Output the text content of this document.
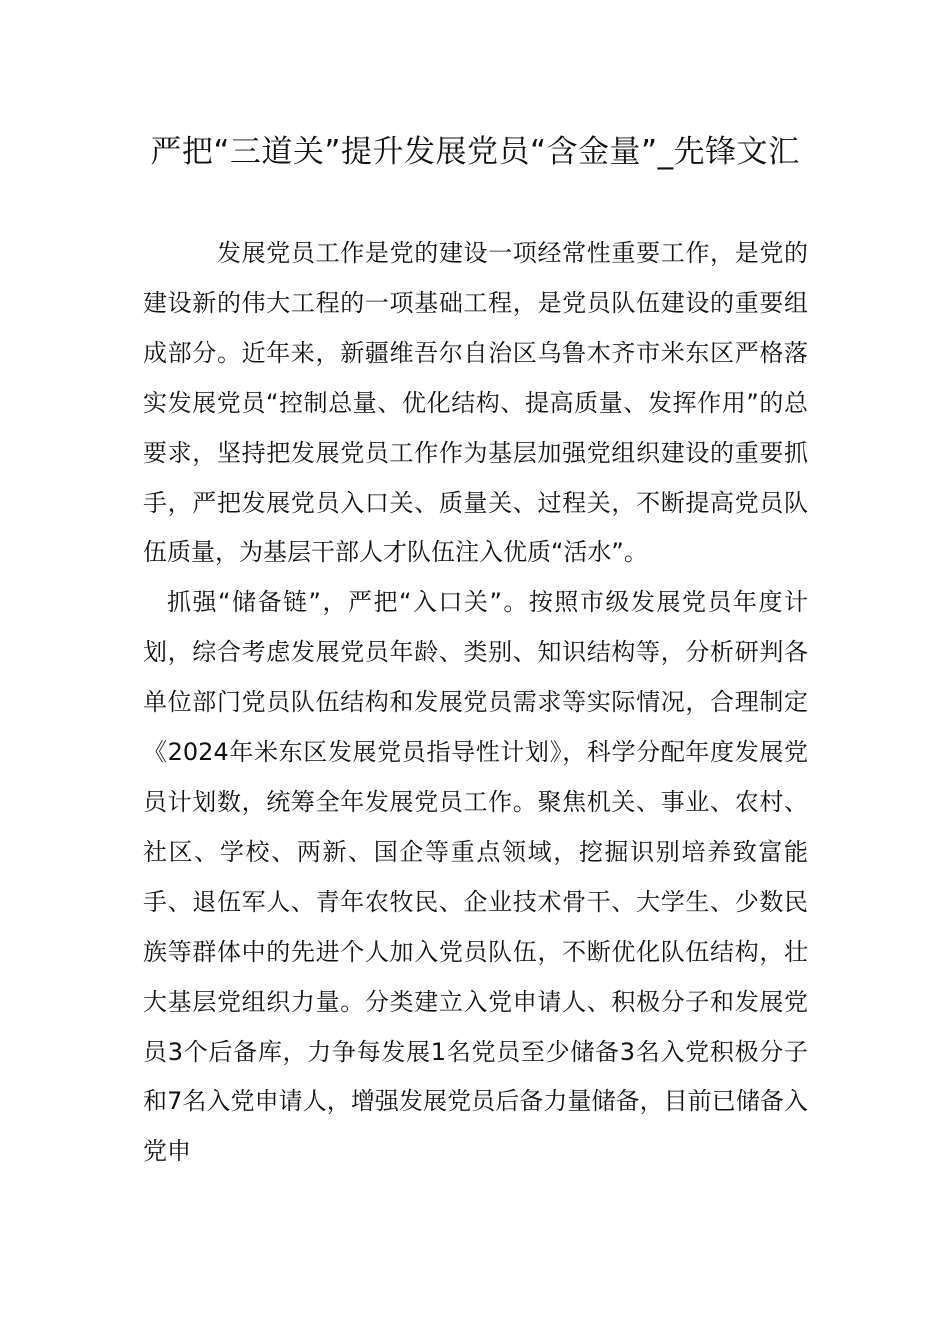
严把“三道关”提升发展党员“含金量”_先锋文汇

发展党员工作是党的建设一项经常性重要工作，是党的建设新的伟大工程的一项基础工程，是党员队伍建设的重要组成部分。近年来，新疆维吾尔自治区乌鲁木齐市米东区严格落实发展党员“控制总量、优化结构、提高质量、发挥作用”的总要求，坚持把发展党员工作作为基层加强党组织建设的重要抓手，严把发展党员入口关、质量关、过程关，不断提高党员队伍质量，为基层干部人才队伍注入优质“活水”。

抓强“储备链”，严把“入口关”。按照市级发展党员年度计划，综合考虑发展党员年龄、类别、知识结构等，分析研判各单位部门党员队伍结构和发展党员需求等实际情况，合理制定《2024年米东区发展党员指导性计划》，科学分配年度发展党员计划数，统筹全年发展党员工作。聚焦机关、事业、农村、社区、学校、两新、国企等重点领域，挖掘识别培养致富能手、退伍军人、青年农牧民、企业技术骨干、大学生、少数民族等群体中的先进个人加入党员队伍，不断优化队伍结构，壮大基层党组织力量。分类建立入党申请人、积极分子和发展党员3个后备库，力争每发展1名党员至少储备3名入党积极分子和7名入党申请人，增强发展党员后备力量储备，目前已储备入党申
